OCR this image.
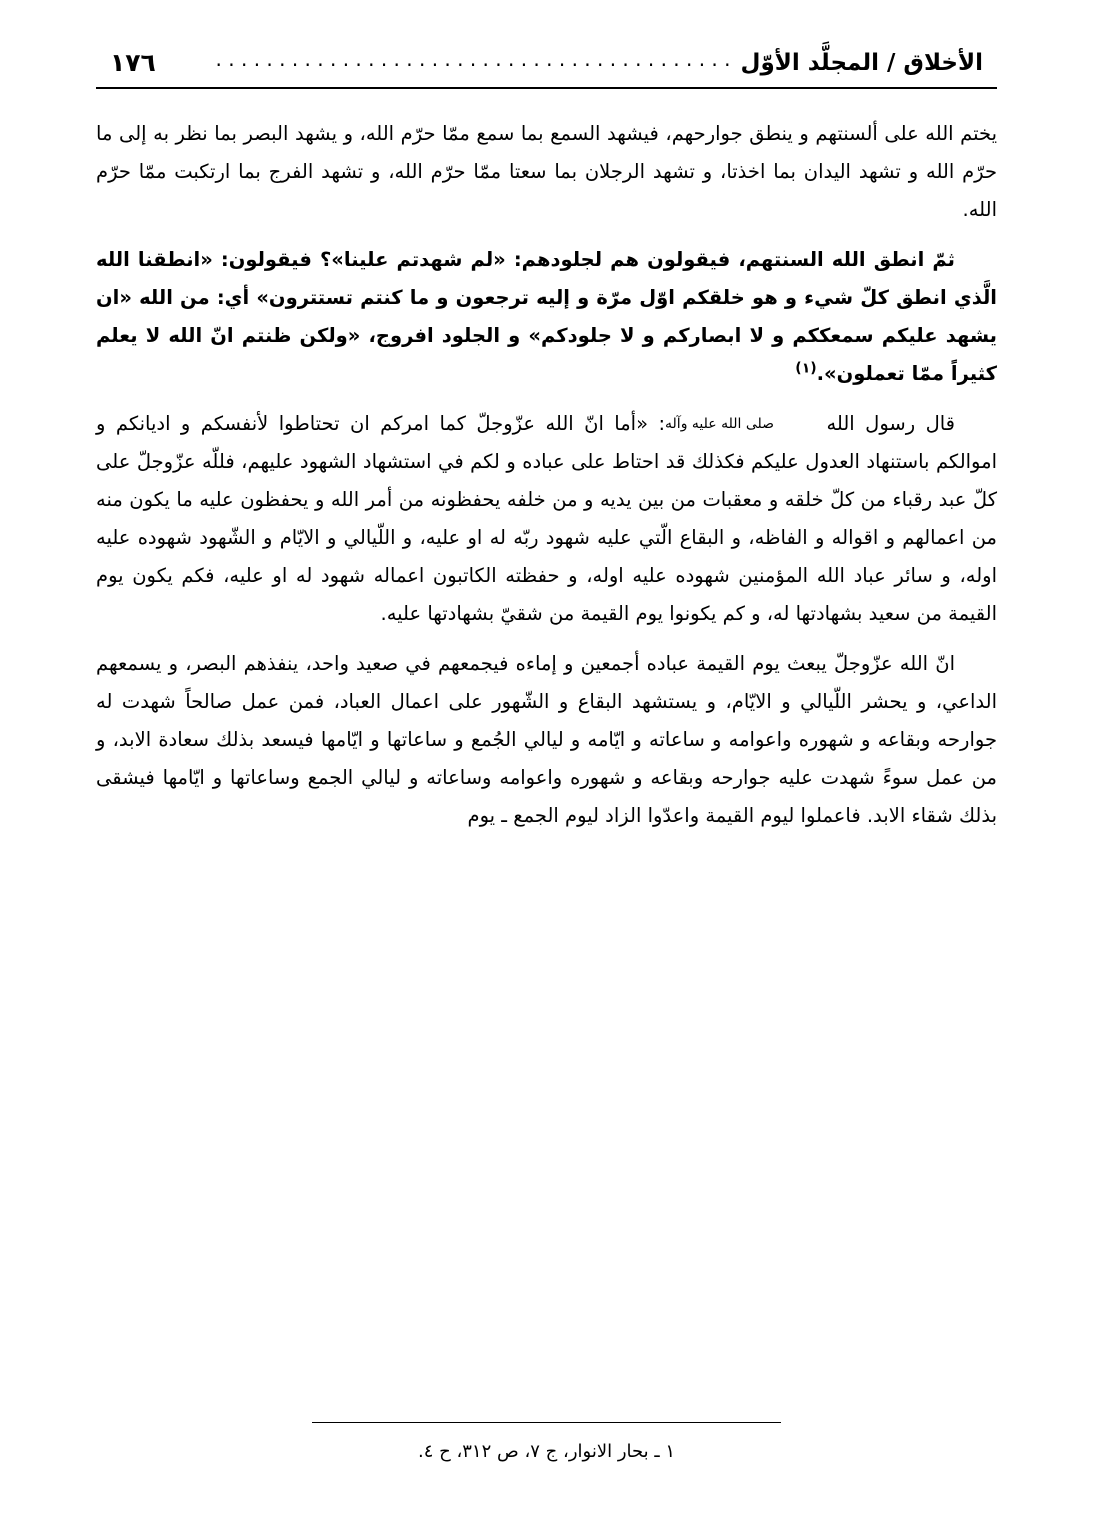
الأخلاق / المجلَّد الأوّل
. . . . . . . . . . . . . . . . . . . . . . . . . . . . . . . . . . . . . . . . .
١٧٦

يختم الله على ألسنتهم و ينطق جوارحهم، فيشهد السمع بما سمع ممّا حرّم الله، و يشهد البصر بما نظر به إلى ما حرّم الله و تشهد اليدان بما اخذتا، و تشهد الرجلان بما سعتا ممّا حرّم الله، و تشهد الفرج بما ارتكبت ممّا حرّم الله.

ثمّ انطق الله السنتهم، فيقولون هم لجلودهم: «لم شهدتم علينا»؟ فيقولون: «انطقنا الله الَّذي انطق كلّ شيء و هو خلقكم اوّل مرّة و إليه ترجعون و ما كنتم تستترون» أي: من الله «ان يشهد عليكم سمعككم و لا ابصاركم و لا جلودكم» و الجلود افروج، «ولكن ظنتم انّ الله لا يعلم كثيراً ممّا تعملون».$^{(١)}$

قال رسول الله صلى الله عليه وآله: «أما انّ الله عزّوجلّ كما امركم ان تحتاطوا لأنفسكم و اديانكم و اموالكم باستنهاد العدول عليكم فكذلك قد احتاط على عباده و لكم في استشهاد الشهود عليهم، فللّه عزّوجلّ على كلّ عبد رقباء من كلّ خلقه و معقبات من بين يديه و من خلفه يحفظونه من أمر الله و يحفظون عليه ما يكون منه من اعمالهم و اقواله و الفاظه، و البقاع الّتي عليه شهود ربّه له او عليه، و اللّيالي و الايّام و الشّهود شهوده عليه اوله، و سائر عباد الله المؤمنين شهوده عليه اوله، و حفظته الكاتبون اعماله شهود له او عليه، فكم يكون يوم القيمة من سعيد بشهادتها له، و كم يكونوا يوم القيمة من شقيّ بشهادتها عليه.

انّ الله عزّوجلّ يبعث يوم القيمة عباده أجمعين و إماءه فيجمعهم في صعيد واحد، ينفذهم البصر، و يسمعهم الداعي، و يحشر اللّيالي و الايّام، و يستشهد البقاع و الشّهور على اعمال العباد، فمن عمل صالحاً شهدت له جوارحه وبقاعه و شهوره واعوامه و ساعاته و ايّامه و ليالي الجُمع و ساعاتها و ايّامها فيسعد بذلك سعادة الابد، و من عمل سوءً شهدت عليه جوارحه وبقاعه و شهوره واعوامه وساعاته و ليالي الجمع وساعاتها و ايّامها فيشقى بذلك شقاء الابد. فاعملوا ليوم القيمة واعدّوا الزاد ليوم الجمع ـ يوم

١ ـ بحار الانوار، ج ٧، ص ٣١٢، ح ٤.
